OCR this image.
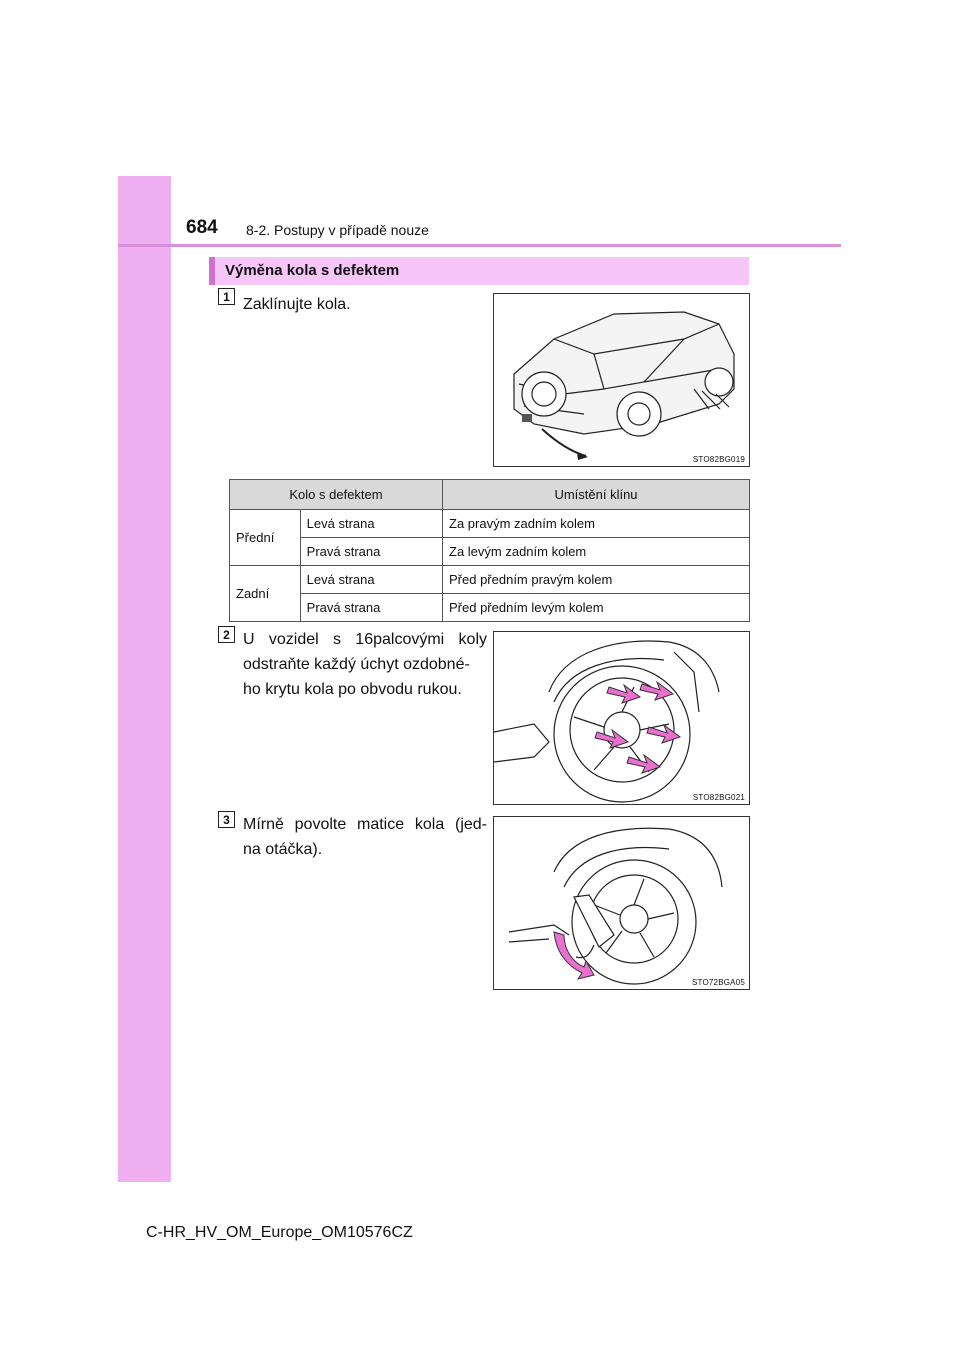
684 8-2. Postupy v případě nouze
Výměna kola s defektem
1 Zaklínujte kola.
STO82BG019
Kolo s defektem		Umístění klínu
Přední	Levá strana	Za pravým zadním kolem
	Pravá strana	Za levým zadním kolem
Zadní	Levá strana	Před předním pravým kolem
	Pravá strana	Před předním levým kolem
2 U vozidel s 16palcovými koly
odstraňte každý úchyt ozdobné-
ho krytu kola po obvodu rukou.
STO82BG021
3 Mírně povolte matice kola (jed-
na otáčka).
STO72BGA05
C-HR_HV_OM_Europe_OM10576CZ
